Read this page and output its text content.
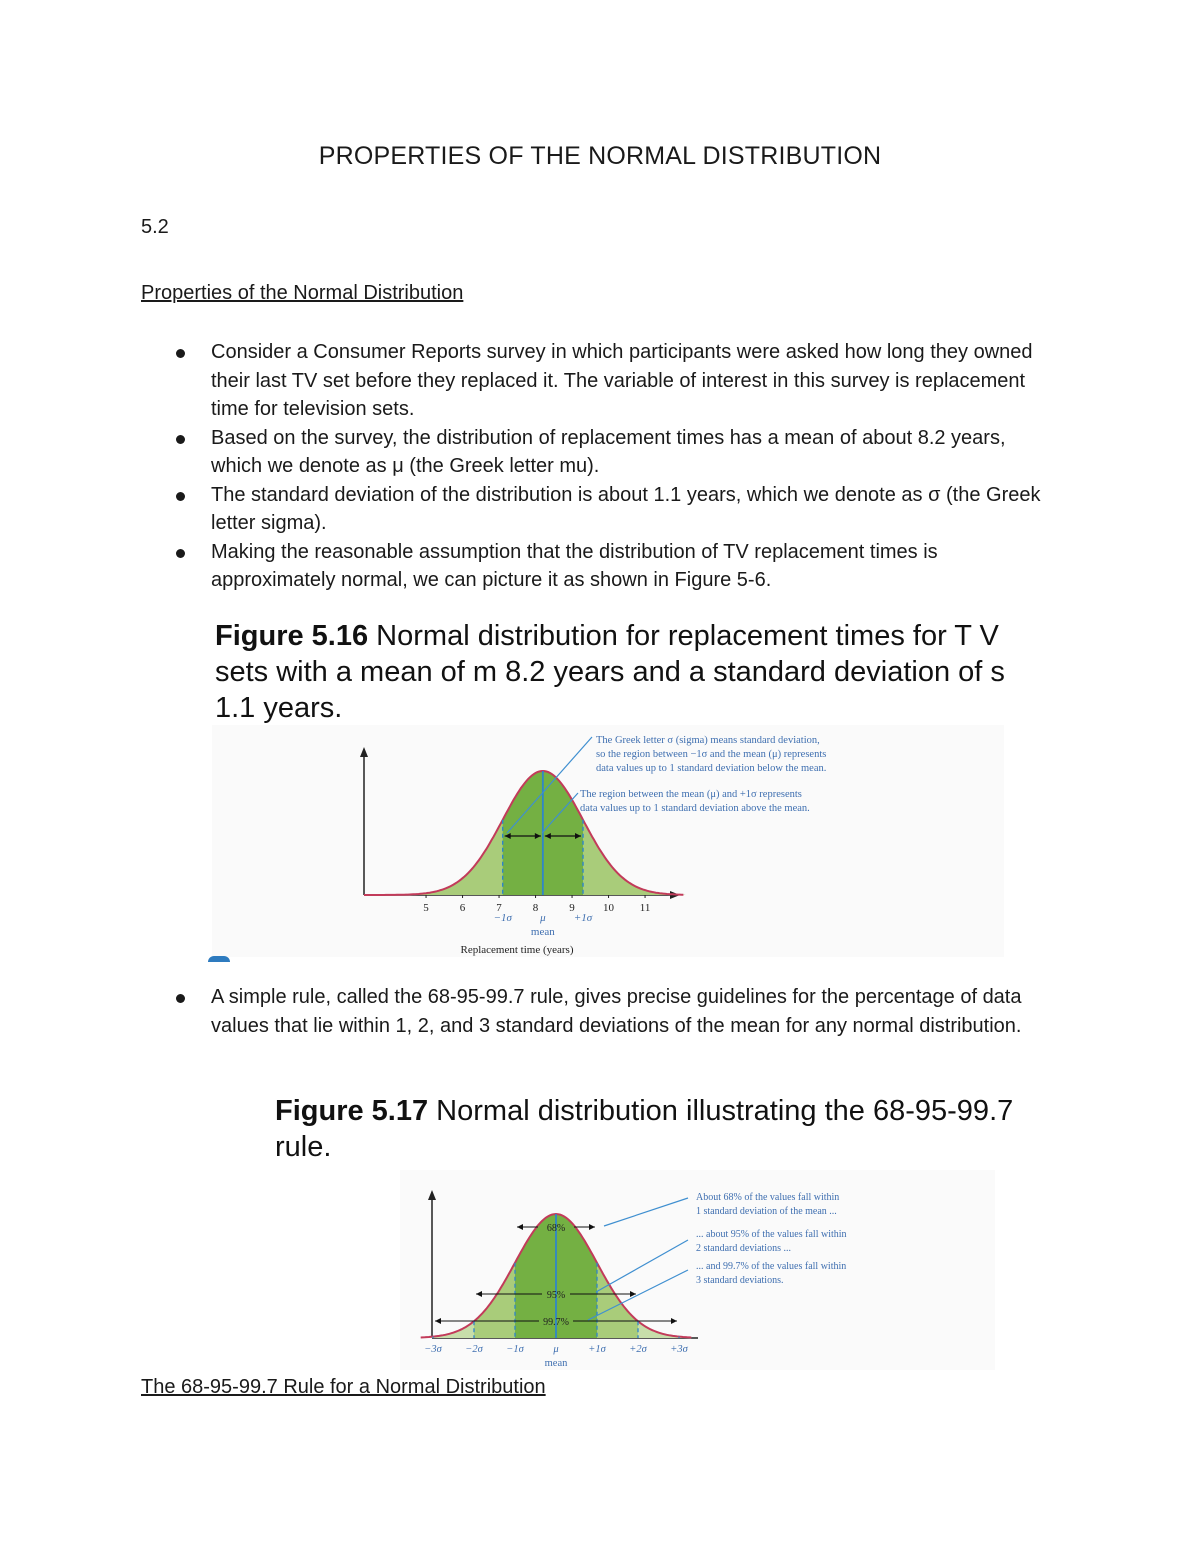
PROPERTIES OF THE NORMAL DISTRIBUTION
5.2
Properties of the Normal Distribution
Consider a Consumer Reports survey in which participants were asked how long they owned their last TV set before they replaced it. The variable of interest in this survey is replacement time for television sets.
Based on the survey, the distribution of replacement times has a mean of about 8.2 years, which we denote as μ (the Greek letter mu).
The standard deviation of the distribution is about 1.1 years, which we denote as σ (the Greek letter sigma).
Making the reasonable assumption that the distribution of TV replacement times is approximately normal, we can picture it as shown in Figure 5-6.
Figure 5.16 Normal distribution for replacement times for T V sets with a mean of m 8.2 years and a standard deviation of s 1.1 years.
The Greek letter σ (sigma) means standard deviation,
so the region between −1σ and the mean (μ) represents
data values up to 1 standard deviation below the mean.
The region between the mean (μ) and +1σ represents
data values up to 1 standard deviation above the mean.
5	6	7	8	9	10 11
−1σ	μ	+1σ
mean
Replacement time (years)
A simple rule, called the 68-95-99.7 rule, gives precise guidelines for the percentage of data values that lie within 1, 2, and 3 standard deviations of the mean for any normal distribution.
Figure 5.17 Normal distribution illustrating the 68-95-99.7 rule.
68%
95%
99.7%
About 68% of the values fall within
1 standard deviation of the mean ...
... about 95% of the values fall within
2 standard deviations ...
... and 99.7% of the values fall within
3 standard deviations.
−3σ −2σ −1σ	μ	+1σ +2σ +3σ
mean
The 68-95-99.7 Rule for a Normal Distribution
